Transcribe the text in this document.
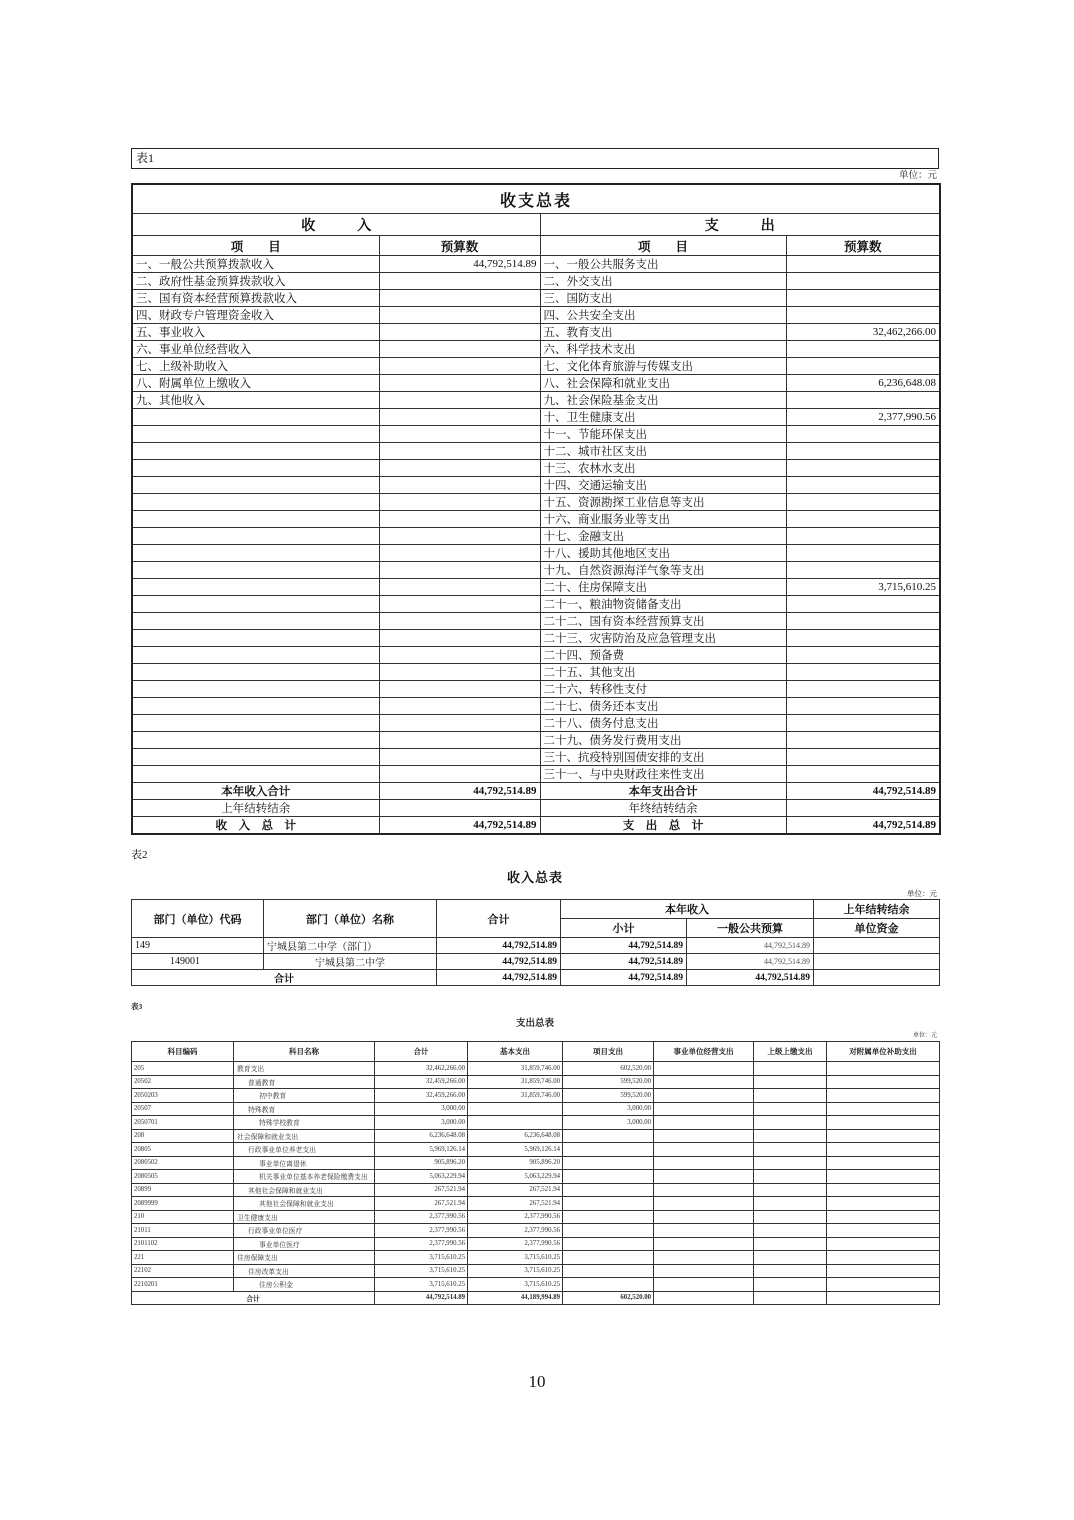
表1
单位：元
收支总表			
收　　　入		支　　　出	
项　　目	预算数	项　　目	预算数
一、一般公共预算拨款收入	44,792,514.89	一、一般公共服务支出	
二、政府性基金预算拨款收入		二、外交支出	
三、国有资本经营预算拨款收入		三、国防支出	
四、财政专户管理资金收入		四、公共安全支出	
五、事业收入		五、教育支出	32,462,266.00
六、事业单位经营收入		六、科学技术支出	
七、上级补助收入		七、文化体育旅游与传媒支出	
八、附属单位上缴收入		八、社会保障和就业支出	6,236,648.08
九、其他收入		九、社会保险基金支出	
		十、卫生健康支出	2,377,990.56
		十一、节能环保支出	
		十二、城市社区支出	
		十三、农林水支出	
		十四、交通运输支出	
		十五、资源勘探工业信息等支出	
		十六、商业服务业等支出	
		十七、金融支出	
		十八、援助其他地区支出	
		十九、自然资源海洋气象等支出	
		二十、住房保障支出	3,715,610.25
		二十一、粮油物资储备支出	
		二十二、国有资本经营预算支出	
		二十三、灾害防治及应急管理支出	
		二十四、预备费	
		二十五、其他支出	
		二十六、转移性支付	
		二十七、债务还本支出	
		二十八、债务付息支出	
		二十九、债务发行费用支出	
		三十、抗疫特别国债安排的支出	
		三十一、与中央财政往来性支出	
本年收入合计	44,792,514.89	本年支出合计	44,792,514.89
上年结转结余		年终结转结余	
收　入　总　计	44,792,514.89	支　出　总　计	44,792,514.89
表2
收入总表
单位：元
部门（单位）代码	部门（单位）名称	合计	本年收入		上年结转结余
			小计	一般公共预算	单位资金
149	宁城县第二中学（部门）	44,792,514.89	44,792,514.89	44,792,514.89	
149001	宁城县第二中学	44,792,514.89	44,792,514.89	44,792,514.89	
合计		44,792,514.89	44,792,514.89	44,792,514.89	
表3
支出总表
单位：元
科目编码	科目名称	合计	基本支出	项目支出	事业单位经营支出	上级上缴支出	对附属单位补助支出
205	教育支出	32,462,266.00	31,859,746.00	602,520.00			
20502	普通教育	32,459,266.00	31,859,746.00	599,520.00			
2050203	初中教育	32,459,266.00	31,859,746.00	599,520.00			
20507	特殊教育	3,000.00		3,000.00			
2050701	特殊学校教育	3,000.00		3,000.00			
208	社会保障和就业支出	6,236,648.08	6,236,648.08				
20805	行政事业单位养老支出	5,969,126.14	5,969,126.14				
2080502	事业单位离退休	905,896.20	905,896.20				
2080505	机关事业单位基本养老保险缴费支出	5,063,229.94	5,063,229.94				
20899	其他社会保障和就业支出	267,521.94	267,521.94				
2089999	其他社会保障和就业支出	267,521.94	267,521.94				
210	卫生健康支出	2,377,990.56	2,377,990.56				
21011	行政事业单位医疗	2,377,990.56	2,377,990.56				
2101102	事业单位医疗	2,377,990.56	2,377,990.56				
221	住房保障支出	3,715,610.25	3,715,610.25				
22102	住房改革支出	3,715,610.25	3,715,610.25				
2210201	住房公积金	3,715,610.25	3,715,610.25				
合计		44,792,514.89	44,189,994.89	602,520.00			
10
